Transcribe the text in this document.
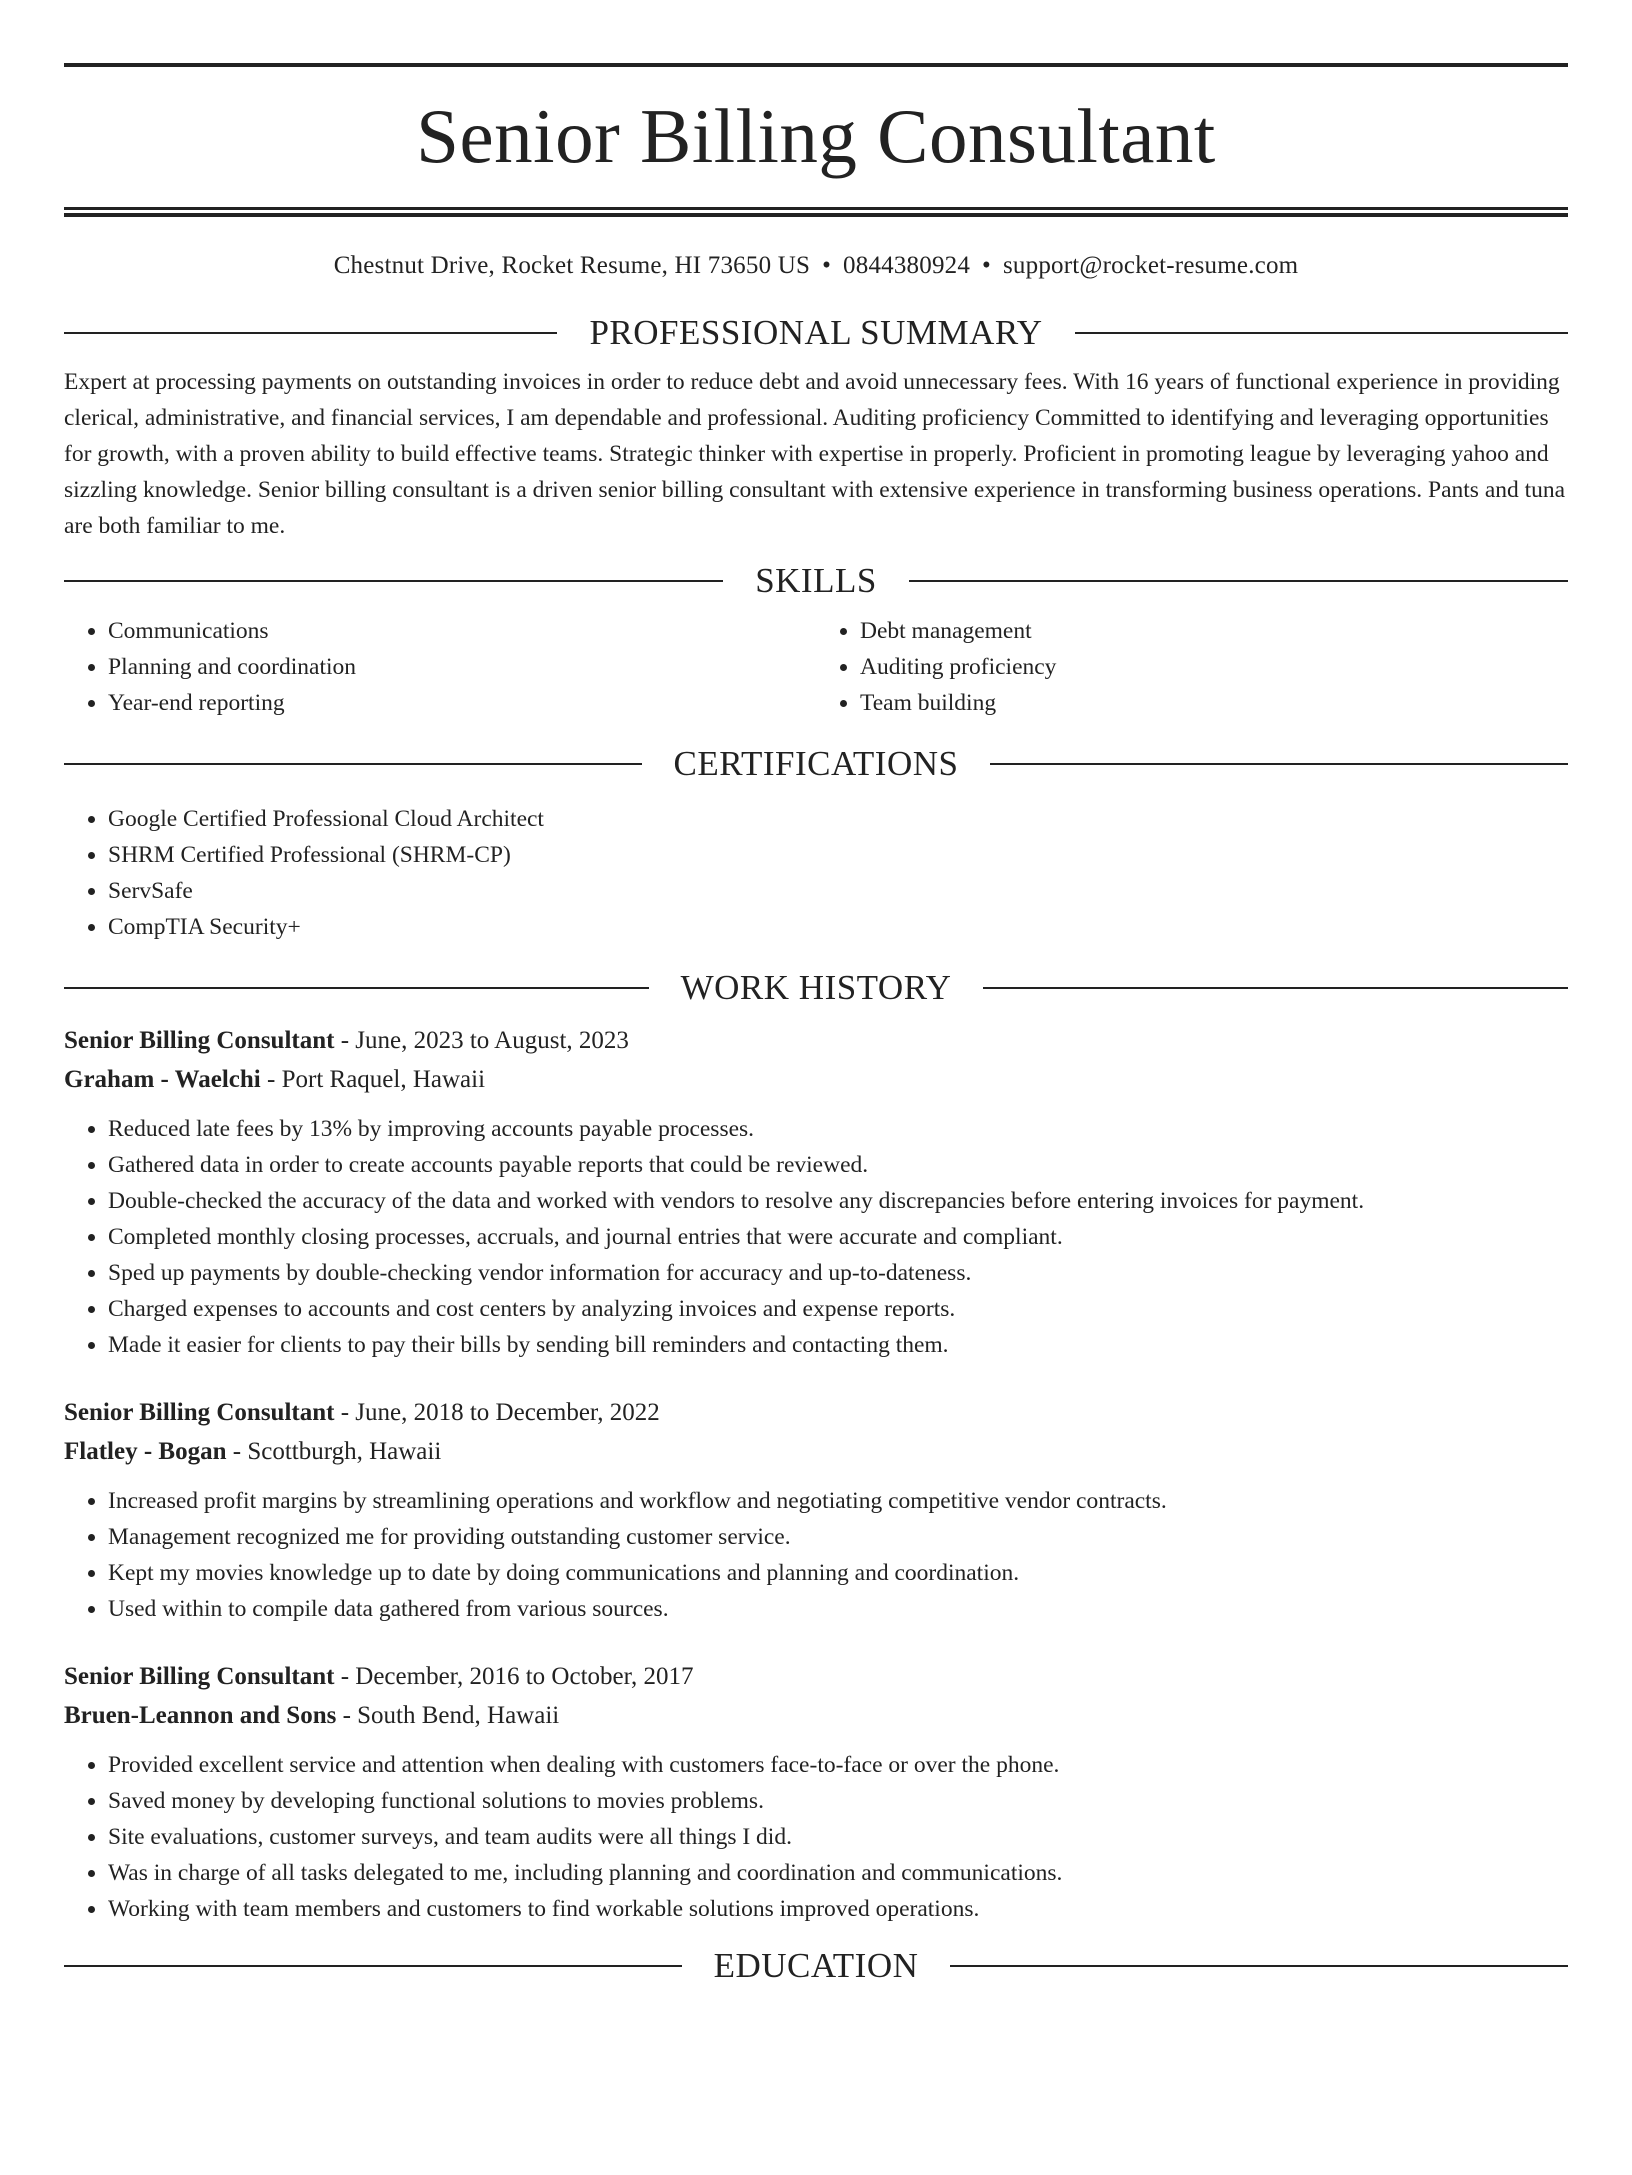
Senior Billing Consultant
Chestnut Drive, Rocket Resume, HI 73650 US • 0844380924 • support@rocket-resume.com
PROFESSIONAL SUMMARY

Expert at processing payments on outstanding invoices in order to reduce debt and avoid unnecessary fees. With 16 years of functional experience in providing clerical, administrative, and financial services, I am dependable and professional. Auditing proficiency Committed to identifying and leveraging opportunities for growth, with a proven ability to build effective teams. Strategic thinker with expertise in properly. Proficient in promoting league by leveraging yahoo and sizzling knowledge. Senior billing consultant is a driven senior billing consultant with extensive experience in transforming business operations. Pants and tuna are both familiar to me.

SKILLS
• Communications
• Planning and coordination
• Year-end reporting
• Debt management
• Auditing proficiency
• Team building
CERTIFICATIONS
• Google Certified Professional Cloud Architect
• SHRM Certified Professional (SHRM-CP)
• ServSafe
• CompTIA Security+
WORK HISTORY
Senior Billing Consultant - June, 2023 to August, 2023
Graham - Waelchi - Port Raquel, Hawaii
• Reduced late fees by 13% by improving accounts payable processes.
• Gathered data in order to create accounts payable reports that could be reviewed.
• Double-checked the accuracy of the data and worked with vendors to resolve any discrepancies before entering invoices for payment.
• Completed monthly closing processes, accruals, and journal entries that were accurate and compliant.
• Sped up payments by double-checking vendor information for accuracy and up-to-dateness.
• Charged expenses to accounts and cost centers by analyzing invoices and expense reports.
• Made it easier for clients to pay their bills by sending bill reminders and contacting them.
Senior Billing Consultant - June, 2018 to December, 2022
Flatley - Bogan - Scottburgh, Hawaii
• Increased profit margins by streamlining operations and workflow and negotiating competitive vendor contracts.
• Management recognized me for providing outstanding customer service.
• Kept my movies knowledge up to date by doing communications and planning and coordination.
• Used within to compile data gathered from various sources.
Senior Billing Consultant - December, 2016 to October, 2017
Bruen-Leannon and Sons - South Bend, Hawaii
• Provided excellent service and attention when dealing with customers face-to-face or over the phone.
• Saved money by developing functional solutions to movies problems.
• Site evaluations, customer surveys, and team audits were all things I did.
• Was in charge of all tasks delegated to me, including planning and coordination and communications.
• Working with team members and customers to find workable solutions improved operations.
EDUCATION
